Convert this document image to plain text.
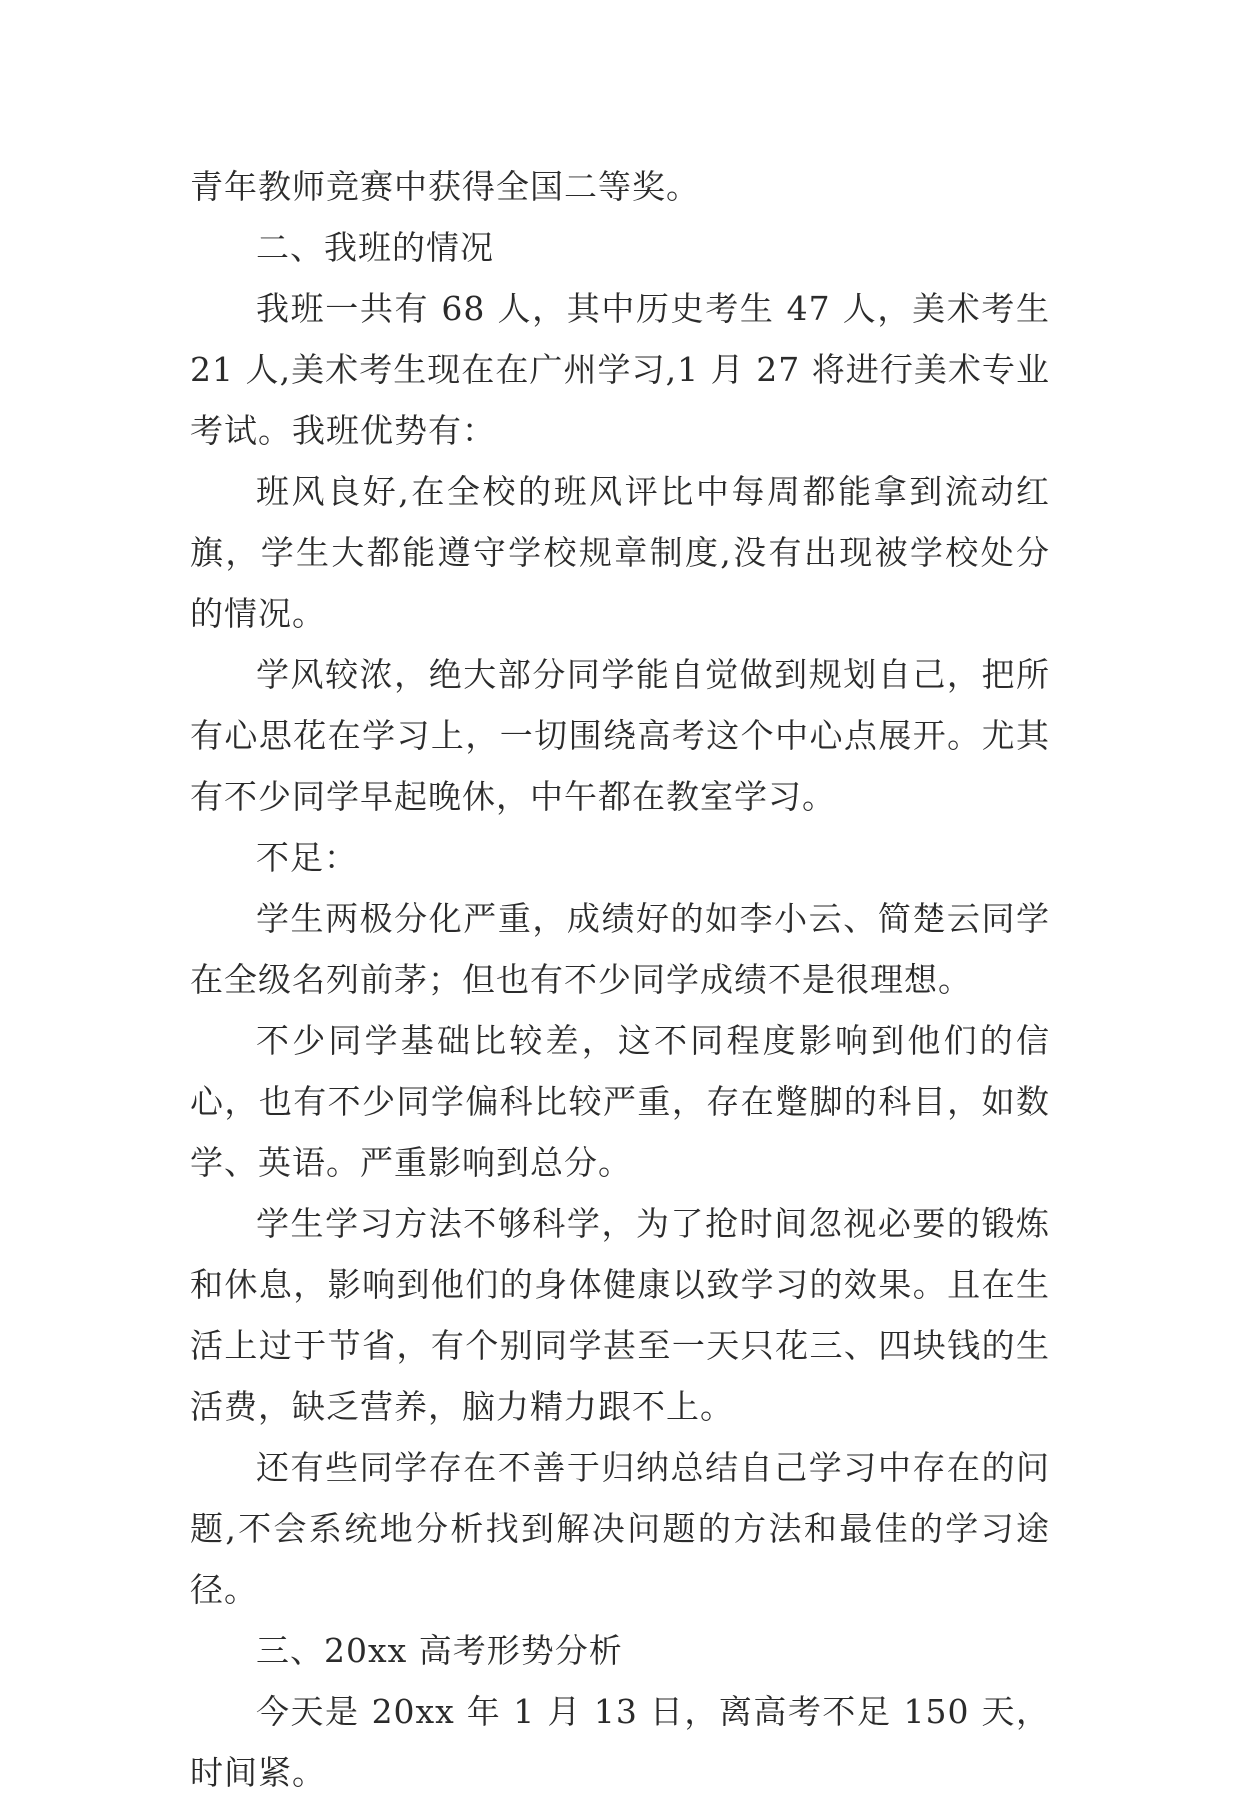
青年教师竞赛中获得全国二等奖。

二、我班的情况

我班一共有 68 人，其中历史考生 47 人，美术考生 21 人,美术考生现在在广州学习,1 月 27 将进行美术专业考试。我班优势有：

班风良好,在全校的班风评比中每周都能拿到流动红旗，学生大都能遵守学校规章制度,没有出现被学校处分的情况。

学风较浓，绝大部分同学能自觉做到规划自己，把所有心思花在学习上，一切围绕高考这个中心点展开。尤其有不少同学早起晚休，中午都在教室学习。

不足：

学生两极分化严重，成绩好的如李小云、简楚云同学在全级名列前茅；但也有不少同学成绩不是很理想。

不少同学基础比较差，这不同程度影响到他们的信心，也有不少同学偏科比较严重，存在蹩脚的科目，如数学、英语。严重影响到总分。

学生学习方法不够科学，为了抢时间忽视必要的锻炼和休息，影响到他们的身体健康以致学习的效果。且在生活上过于节省，有个别同学甚至一天只花三、四块钱的生活费，缺乏营养，脑力精力跟不上。

还有些同学存在不善于归纳总结自己学习中存在的问题,不会系统地分析找到解决问题的方法和最佳的学习途径。

三、20xx 高考形势分析

今天是 20xx 年 1 月 13 日，离高考不足 150 天，时间紧。
